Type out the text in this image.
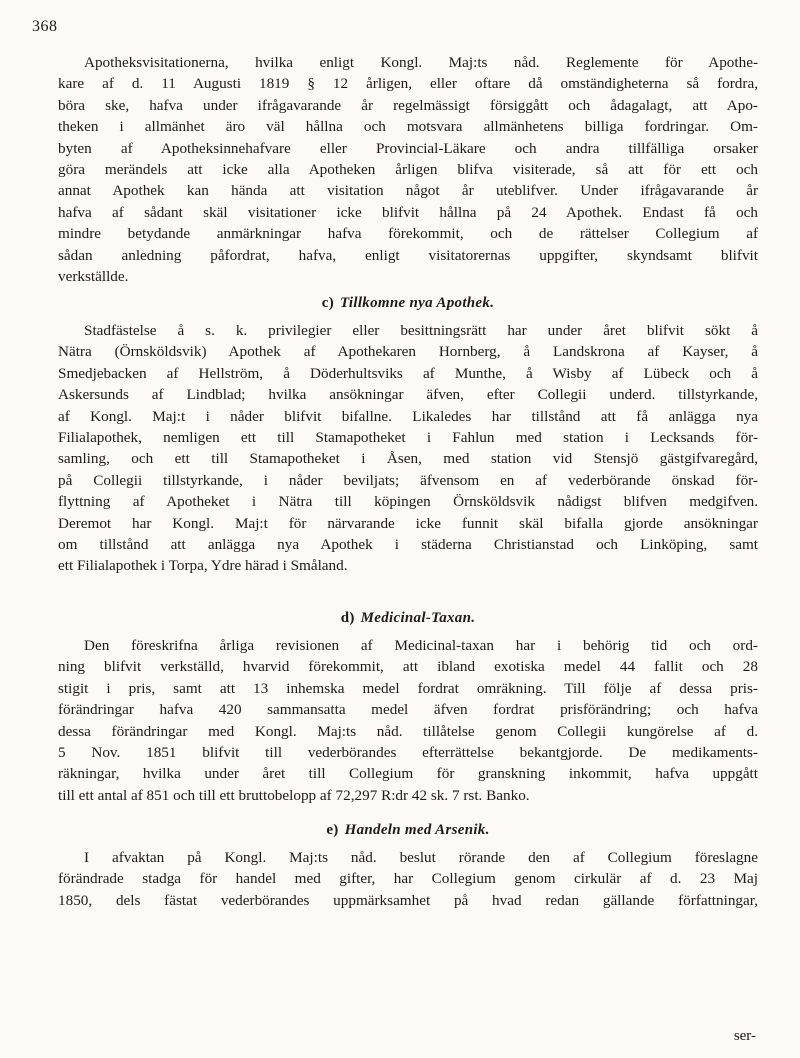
368
Apotheksvisitationerna, hvilka enligt Kongl. Maj:ts nåd. Reglemente för Apothe-
kare af d. 11 Augusti 1819 § 12 årligen, eller oftare då omständigheterna så fordra,
böra ske, hafva under ifrågavarande år regelmässigt försiggått och ådagalagt, att Apo-
theken i allmänhet äro väl hållna och motsvara allmänhetens billiga fordringar. Om-
byten af Apotheksinnehafvare eller Provincial-Läkare och andra tillfälliga orsaker
göra merändels att icke alla Apotheken årligen blifva visiterade, så att för ett och
annat Apothek kan hända att visitation något år uteblifver. Under ifrågavarande år
hafva af sådant skäl visitationer icke blifvit hållna på 24 Apothek. Endast få och
mindre betydande anmärkningar hafva förekommit, och de rättelser Collegium af
sådan anledning påfordrat, hafva, enligt visitatorernas uppgifter, skyndsamt blifvit
verkställde.
c) Tillkomne nya Apothek.
Stadfästelse å s. k. privilegier eller besittningsrätt har under året blifvit sökt å
Nätra (Örnsköldsvik) Apothek af Apothekaren Hornberg, å Landskrona af Kayser, å
Smedjebacken af Hellström, å Döderhultsviks af Munthe, å Wisby af Lübeck och å
Askersunds af Lindblad; hvilka ansökningar äfven, efter Collegii underd. tillstyrkande,
af Kongl. Maj:t i nåder blifvit bifallne. Likaledes har tillstånd att få anlägga nya
Filialapothek, nemligen ett till Stamapotheket i Fahlun med station i Lecksands för-
samling, och ett till Stamapotheket i Åsen, med station vid Stensjö gästgifvaregård,
på Collegii tillstyrkande, i nåder beviljats; äfvensom en af vederbörande önskad för-
flyttning af Apotheket i Nätra till köpingen Örnsköldsvik nådigst blifven medgifven.
Deremot har Kongl. Maj:t för närvarande icke funnit skäl bifalla gjorde ansökningar
om tillstånd att anlägga nya Apothek i städerna Christianstad och Linköping, samt
ett Filialapothek i Torpa, Ydre härad i Småland.
d) Medicinal-Taxan.
Den föreskrifna årliga revisionen af Medicinal-taxan har i behörig tid och ord-
ning blifvit verkställd, hvarvid förekommit, att ibland exotiska medel 44 fallit och 28
stigit i pris, samt att 13 inhemska medel fordrat omräkning. Till följe af dessa pris-
förändringar hafva 420 sammansatta medel äfven fordrat prisförändring; och hafva
dessa förändringar med Kongl. Maj:ts nåd. tillåtelse genom Collegii kungörelse af d.
5 Nov. 1851 blifvit till vederbörandes efterrättelse bekantgjorde. De medikaments-
räkningar, hvilka under året till Collegium för granskning inkommit, hafva uppgått
till ett antal af 851 och till ett bruttobelopp af 72,297 R:dr 42 sk. 7 rst. Banko.
e) Handeln med Arsenik.
I afvaktan på Kongl. Maj:ts nåd. beslut rörande den af Collegium föreslagne
förändrade stadga för handel med gifter, har Collegium genom cirkulär af d. 23 Maj
1850, dels fästat vederbörandes uppmärksamhet på hvad redan gällande författningar,
ser-
